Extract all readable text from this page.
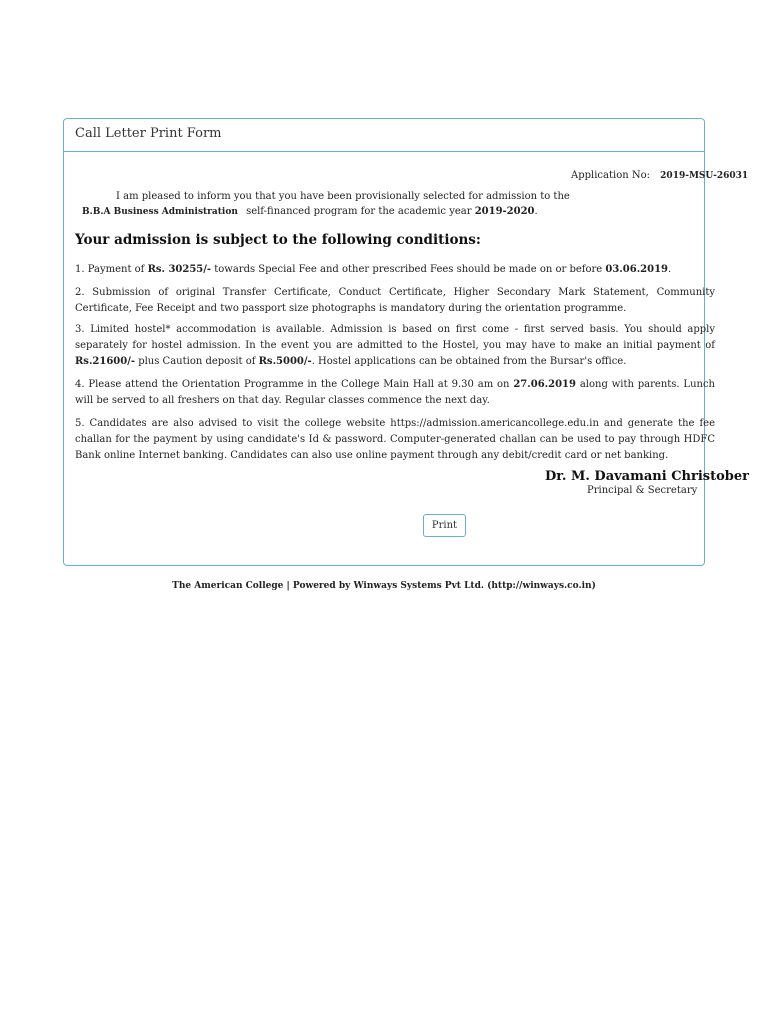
Call Letter Print Form
Application No: 2019-MSU-26031
I am pleased to inform you that you have been provisionally selected for admission to the
B.B.A Business Administration self-financed program for the academic year 2019-2020.
Your admission is subject to the following conditions:
1. Payment of Rs. 30255/- towards Special Fee and other prescribed Fees should be made on or before 03.06.2019.
2. Submission of original Transfer Certificate, Conduct Certificate, Higher Secondary Mark Statement, Community Certificate, Fee Receipt and two passport size photographs is mandatory during the orientation programme.
3. Limited hostel* accommodation is available. Admission is based on first come - first served basis. You should apply separately for hostel admission. In the event you are admitted to the Hostel, you may have to make an initial payment of Rs.21600/- plus Caution deposit of Rs.5000/-. Hostel applications can be obtained from the Bursar's office.
4. Please attend the Orientation Programme in the College Main Hall at 9.30 am on 27.06.2019 along with parents. Lunch will be served to all freshers on that day. Regular classes commence the next day.
5. Candidates are also advised to visit the college website https://admission.americancollege.edu.in and generate the fee challan for the payment by using candidate's Id & password. Computer-generated challan can be used to pay through HDFC Bank online Internet banking. Candidates can also use online payment through any debit/credit card or net banking.
Dr. M. Davamani Christober
Principal & Secretary
Print
The American College | Powered by Winways Systems Pvt Ltd. (http://winways.co.in)
